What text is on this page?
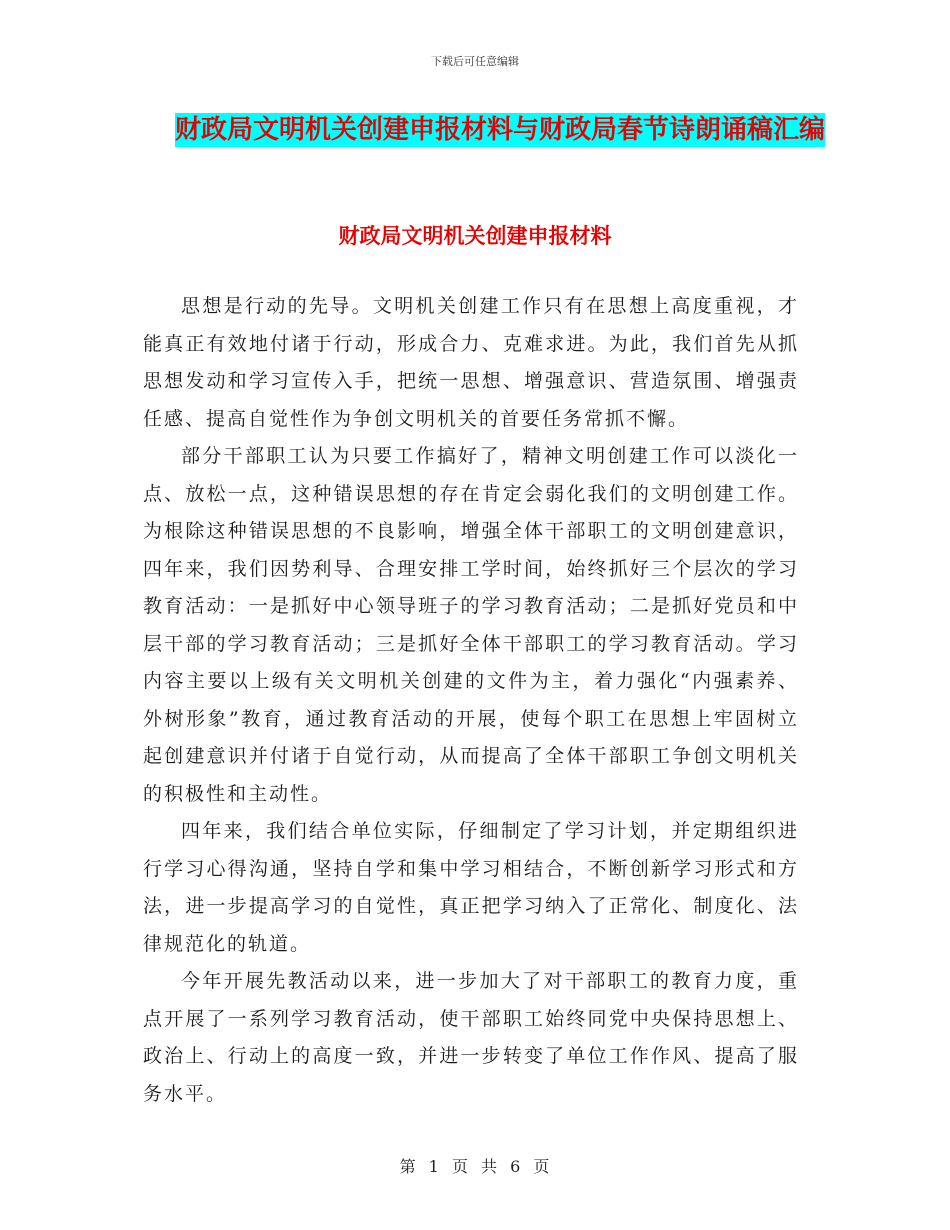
下载后可任意编辑
财政局文明机关创建申报材料与财政局春节诗朗诵稿汇编
财政局文明机关创建申报材料

思想是行动的先导。文明机关创建工作只有在思想上高度重视，才能真正有效地付诸于行动，形成合力、克难求进。为此，我们首先从抓思想发动和学习宣传入手，把统一思想、增强意识、营造氛围、增强责任感、提高自觉性作为争创文明机关的首要任务常抓不懈。

部分干部职工认为只要工作搞好了，精神文明创建工作可以淡化一点、放松一点，这种错误思想的存在肯定会弱化我们的文明创建工作。为根除这种错误思想的不良影响，增强全体干部职工的文明创建意识，四年来，我们因势利导、合理安排工学时间，始终抓好三个层次的学习教育活动：一是抓好中心领导班子的学习教育活动；二是抓好党员和中层干部的学习教育活动；三是抓好全体干部职工的学习教育活动。学习内容主要以上级有关文明机关创建的文件为主，着力强化“内强素养、外树形象”教育，通过教育活动的开展，使每个职工在思想上牢固树立起创建意识并付诸于自觉行动，从而提高了全体干部职工争创文明机关的积极性和主动性。

四年来，我们结合单位实际，仔细制定了学习计划，并定期组织进行学习心得沟通，坚持自学和集中学习相结合，不断创新学习形式和方法，进一步提高学习的自觉性，真正把学习纳入了正常化、制度化、法律规范化的轨道。

今年开展先教活动以来，进一步加大了对干部职工的教育力度，重点开展了一系列学习教育活动，使干部职工始终同党中央保持思想上、政治上、行动上的高度一致，并进一步转变了单位工作作风、提高了服务水平。

第 1 页 共 6 页
